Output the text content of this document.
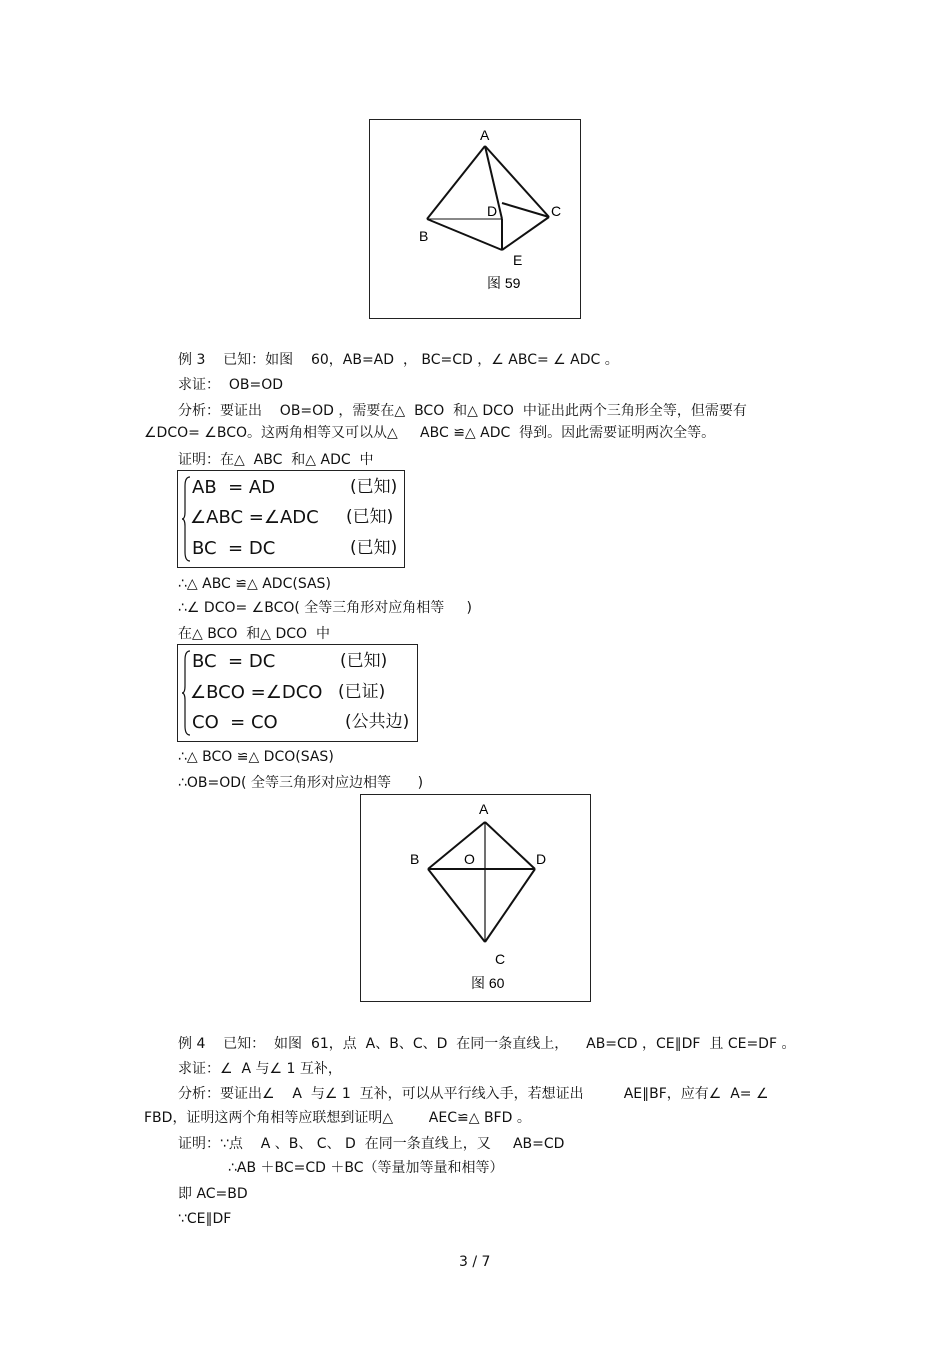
A
D	C
B
E
图 59
例 3    已知：如图    60，AB=AD  ， BC=CD ，∠ ABC= ∠ ADC 。
求证：  OB=OD
分析：要证出    OB=OD ，需要在△  BCO  和△ DCO  中证出此两个三角形全等，但需要有
∠DCO= ∠BCO。这两角相等又可以从△     ABC ≌△ ADC  得到。因此需要证明两次全等。
证明：在△  ABC  和△ ADC  中
AB  = AD	(已知)
∠ABC =∠ADC (已知)
BC  = DC	(已知)
∴△ ABC ≌△ ADC(SAS)
∴∠ DCO= ∠BCO( 全等三角形对应角相等     )
在△ BCO  和△ DCO  中
BC  = DC	(已知)
∠BCO =∠DCO (已证)
CO  = CO	(公共边)
∴△ BCO ≌△ DCO(SAS)
∴OB=OD( 全等三角形对应边相等      )
A
B	O	D
C
图 60
例 4    已知：  如图  61，点  A、B、C、D  在同一条直线上，    AB=CD ，CE∥DF  且 CE=DF 。
求证：∠  A 与∠ 1 互补，
分析：要证出∠    A  与∠ 1  互补，可以从平行线入手，若想证出         AE∥BF，应有∠  A= ∠
FBD，证明这两个角相等应联想到证明△        AEC≌△ BFD 。
证明：∵点    A 、B、 C、 D  在同一条直线上，又     AB=CD
∴AB ＋BC=CD ＋BC（等量加等量和相等）
即 AC=BD
∵CE∥DF
3 / 7
